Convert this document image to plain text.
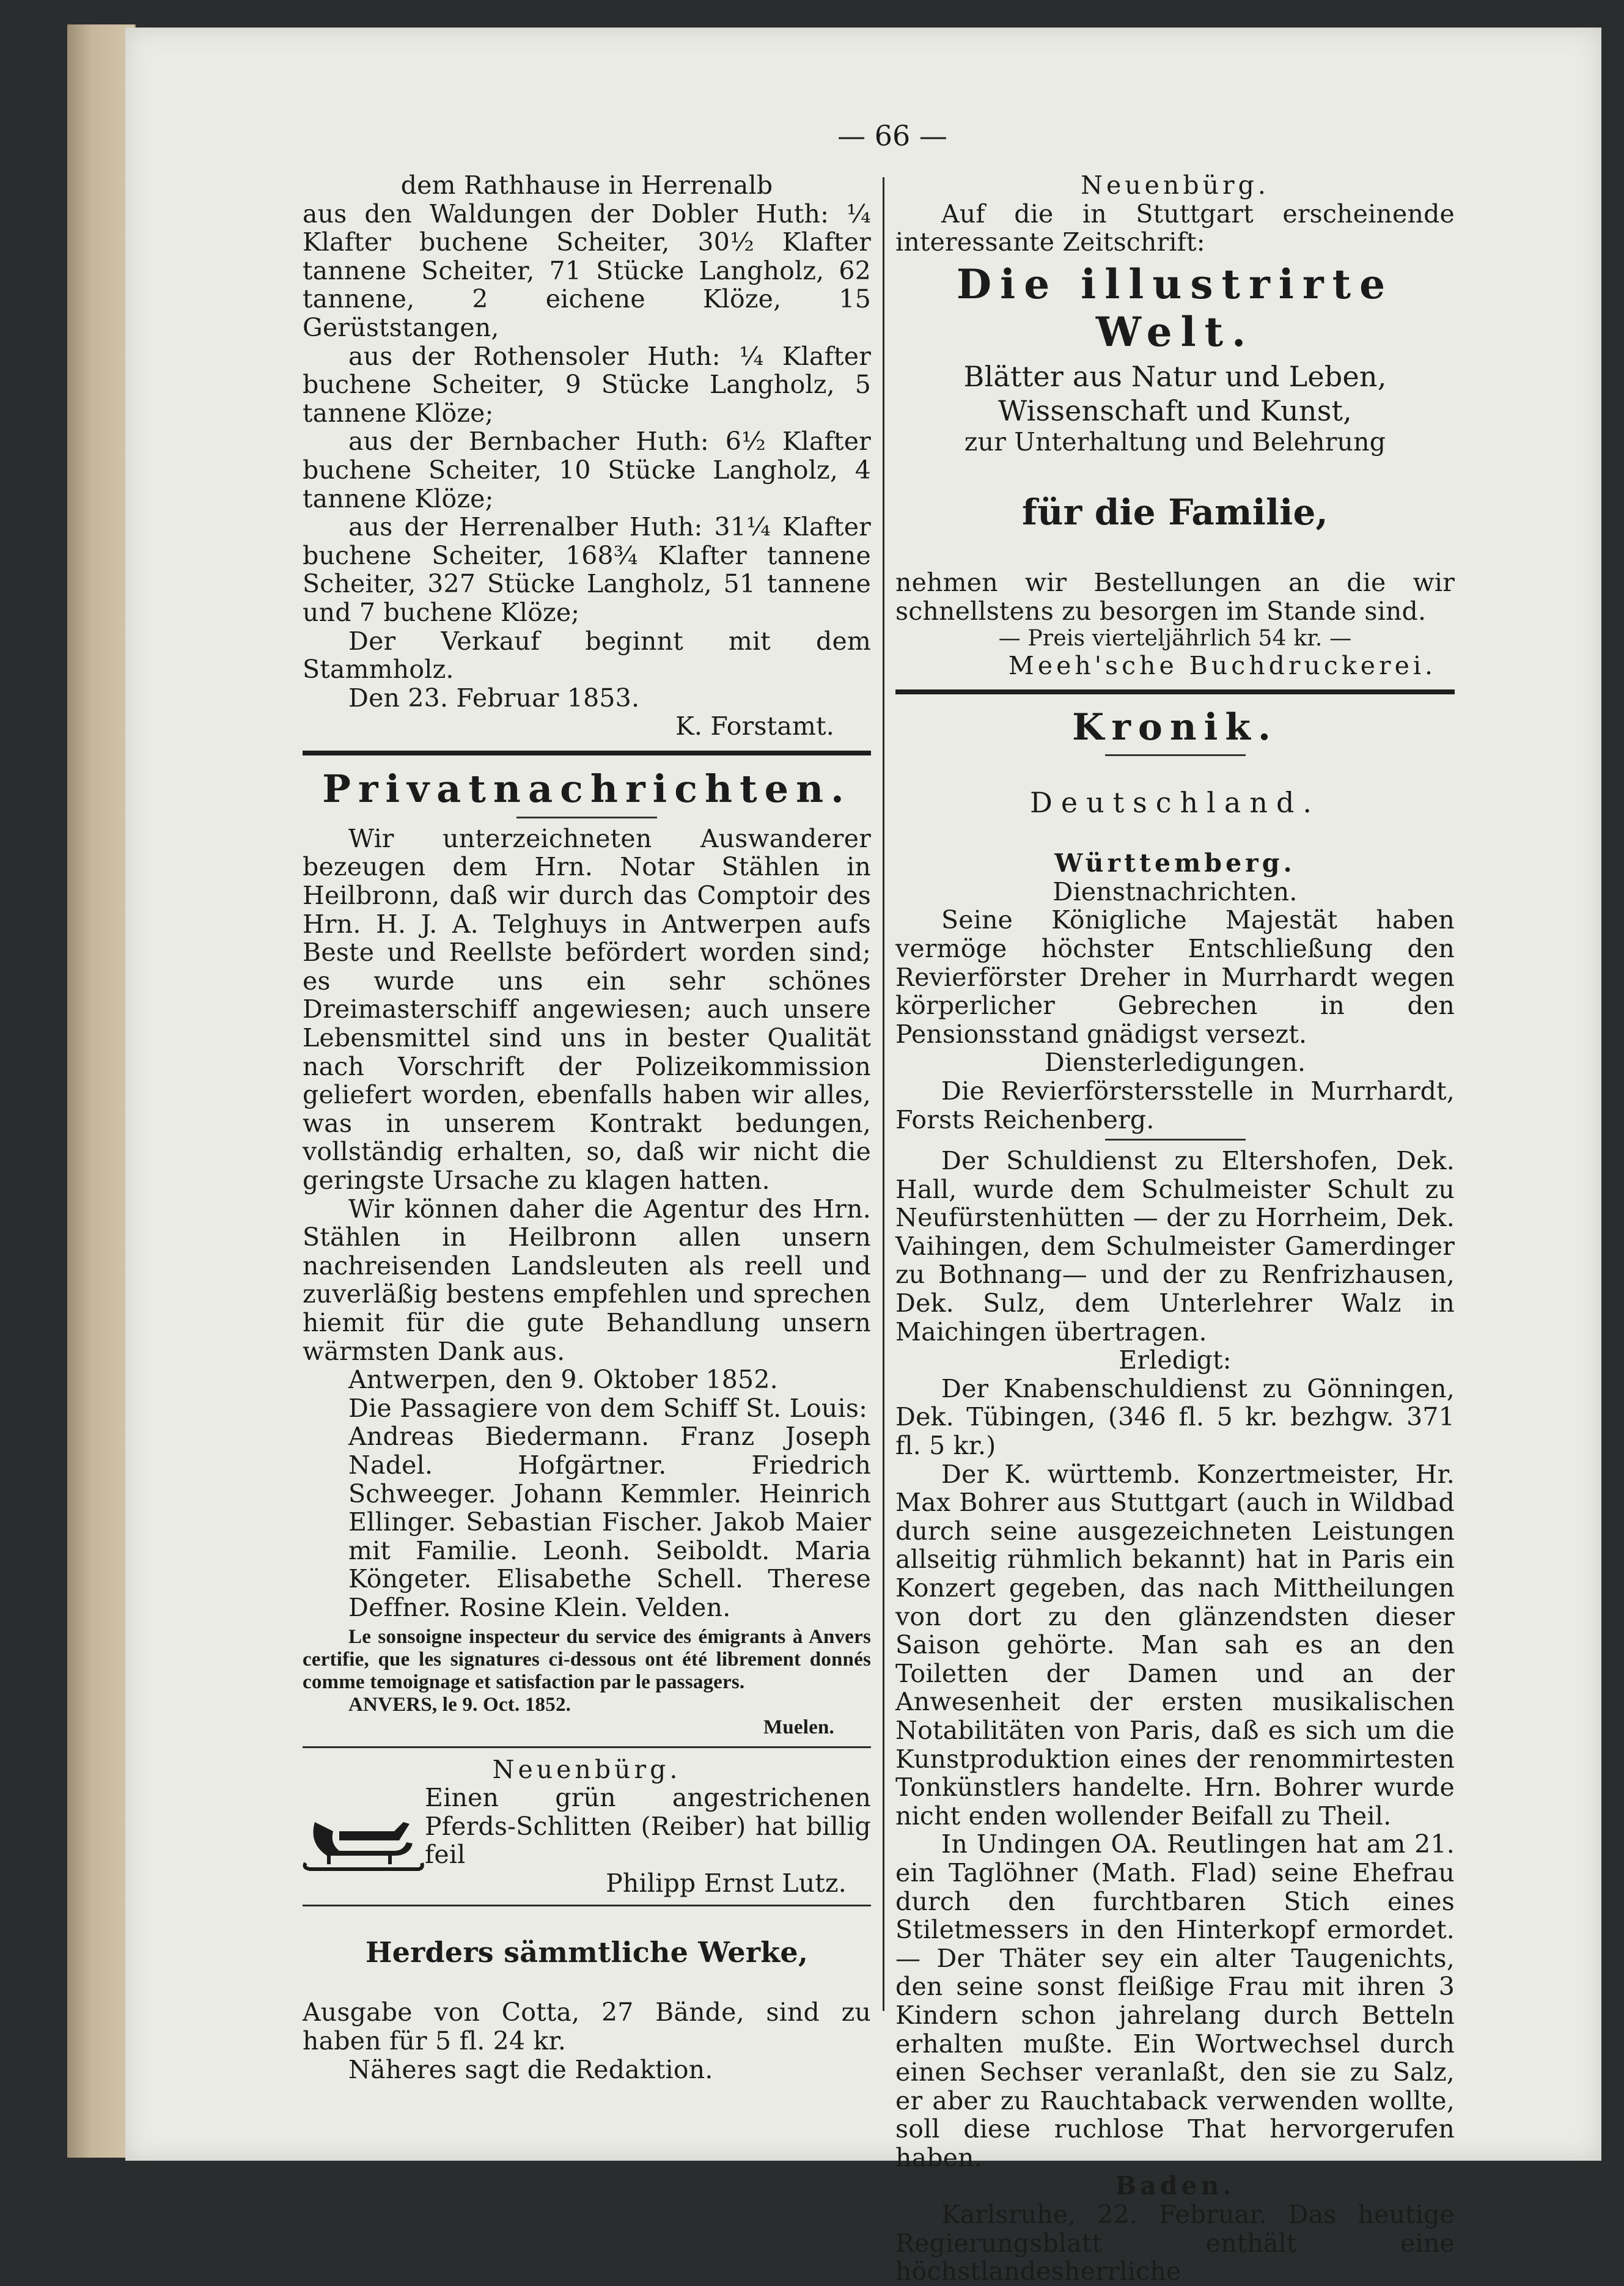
— 66 —

dem Rathhause in Herrenalb

aus den Waldungen der Dobler Huth: ¼ Klafter buchene Scheiter, 30½ Klafter tannene Scheiter, 71 Stücke Langholz, 62 tannene, 2 eichene Klöze, 15 Gerüststangen,

aus der Rothensoler Huth: ¼ Klafter buchene Scheiter, 9 Stücke Langholz, 5 tannene Klöze;

aus der Bernbacher Huth: 6½ Klafter buchene Scheiter, 10 Stücke Langholz, 4 tannene Klöze;

aus der Herrenalber Huth: 31¼ Klafter buchene Scheiter, 168¾ Klafter tannene Scheiter, 327 Stücke Langholz, 51 tannene und 7 buchene Klöze;

Der Verkauf beginnt mit dem Stammholz.

Den 23. Februar 1853.

K. Forstamt.

Privatnachrichten.

Wir unterzeichneten Auswanderer bezeugen dem Hrn. Notar Stählen in Heilbronn, daß wir durch das Comptoir des Hrn. H. J. A. Telghuys in Antwerpen aufs Beste und Reellste befördert worden sind; es wurde uns ein sehr schönes Dreimasterschiff angewiesen; auch unsere Lebensmittel sind uns in bester Qualität nach Vorschrift der Polizeikommission geliefert worden, ebenfalls haben wir alles, was in unserem Kontrakt bedungen, vollständig erhalten, so, daß wir nicht die geringste Ursache zu klagen hatten.

Wir können daher die Agentur des Hrn. Stählen in Heilbronn allen unsern nachreisenden Landsleuten als reell und zuverläßig bestens empfehlen und sprechen hiemit für die gute Behandlung unsern wärmsten Dank aus.

Antwerpen, den 9. Oktober 1852.

Die Passagiere von dem Schiff St. Louis:

Andreas Biedermann. Franz Joseph Nadel. Hofgärtner. Friedrich Schweeger. Johann Kemmler. Heinrich Ellinger. Sebastian Fischer. Jakob Maier mit Familie. Leonh. Seiboldt. Maria Köngeter. Elisabethe Schell. Therese Deffner. Rosine Klein. Velden.

Le sonsoigne inspecteur du service des émigrants à Anvers certifie, que les signatures ci-dessous ont été librement donnés comme temoignage et satisfaction par le passagers.

ANVERS, le 9. Oct. 1852.

Muelen.

Neuenbürg.

Einen grün angestrichenen Pferds-Schlitten (Reiber) hat billig feil

Philipp Ernst Lutz.

Herders sämmtliche Werke,

Ausgabe von Cotta, 27 Bände, sind zu haben für 5 fl. 24 kr.

Näheres sagt die Redaktion.

Neuenbürg.

Auf die in Stuttgart erscheinende interessante Zeitschrift:

Die illustrirte Welt.

Blätter aus Natur und Leben,

Wissenschaft und Kunst,

zur Unterhaltung und Belehrung

für die Familie,

nehmen wir Bestellungen an die wir schnellstens zu besorgen im Stande sind.

— Preis vierteljährlich 54 kr. —

Meeh'sche Buchdruckerei.

Kronik.

Deutschland.

Württemberg.

Dienstnachrichten.

Seine Königliche Majestät haben vermöge höchster Entschließung den Revierförster Dreher in Murrhardt wegen körperlicher Gebrechen in den Pensionsstand gnädigst versezt.

Diensterledigungen.

Die Revierförstersstelle in Murrhardt, Forsts Reichenberg.

Der Schuldienst zu Eltershofen, Dek. Hall, wurde dem Schulmeister Schult zu Neufürstenhütten — der zu Horrheim, Dek. Vaihingen, dem Schulmeister Gamerdinger zu Bothnang— und der zu Renfrizhausen, Dek. Sulz, dem Unterlehrer Walz in Maichingen übertragen.

Erledigt:

Der Knabenschuldienst zu Gönningen, Dek. Tübingen, (346 fl. 5 kr. bezhgw. 371 fl. 5 kr.)

Der K. württemb. Konzertmeister, Hr. Max Bohrer aus Stuttgart (auch in Wildbad durch seine ausgezeichneten Leistungen allseitig rühmlich bekannt) hat in Paris ein Konzert gegeben, das nach Mittheilungen von dort zu den glänzendsten dieser Saison gehörte. Man sah es an den Toiletten der Damen und an der Anwesenheit der ersten musikalischen Notabilitäten von Paris, daß es sich um die Kunstproduktion eines der renommirtesten Tonkünstlers handelte. Hrn. Bohrer wurde nicht enden wollender Beifall zu Theil.

In Undingen OA. Reutlingen hat am 21. ein Taglöhner (Math. Flad) seine Ehefrau durch den furchtbaren Stich eines Stiletmessers in den Hinterkopf ermordet. — Der Thäter sey ein alter Taugenichts, den seine sonst fleißige Frau mit ihren 3 Kindern schon jahrelang durch Betteln erhalten mußte. Ein Wortwechsel durch einen Sechser veranlaßt, den sie zu Salz, er aber zu Rauchtaback verwenden wollte, soll diese ruchlose That hervorgerufen haben.

Baden.

Karlsruhe, 22. Februar. Das heutige Regierungsblatt enthält eine höchstlandesherrliche
